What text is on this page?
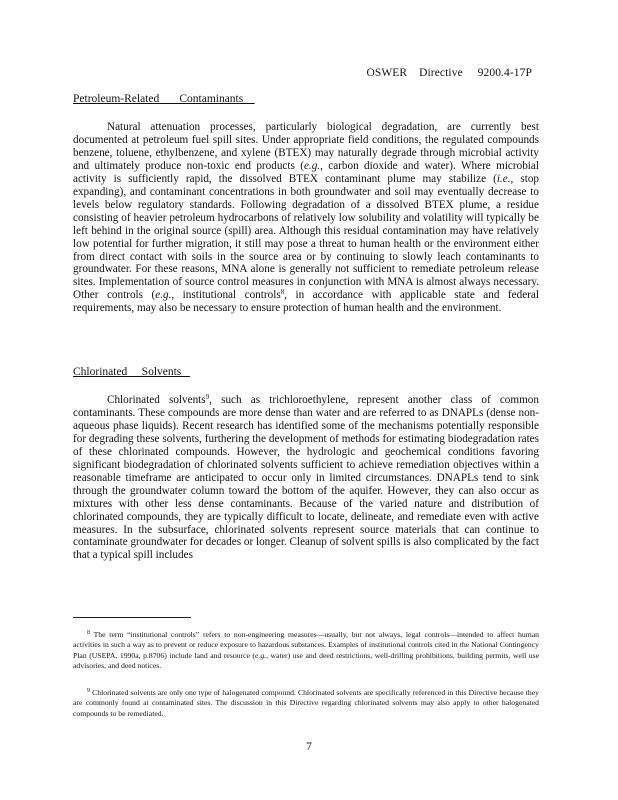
OSWER    Directive     9200.4-17P
Petroleum-Related       Contaminants

Natural attenuation processes, particularly biological degradation, are currently best documented at petroleum fuel spill sites. Under appropriate field conditions, the regulated compounds benzene, toluene, ethylbenzene, and xylene (BTEX) may naturally degrade through microbial activity and ultimately produce non-toxic end products (e.g., carbon dioxide and water). Where microbial activity is sufficiently rapid, the dissolved BTEX contaminant plume may stabilize (i.e., stop expanding), and contaminant concentrations in both groundwater and soil may eventually decrease to levels below regulatory standards. Following degradation of a dissolved BTEX plume, a residue consisting of heavier petroleum hydrocarbons of relatively low solubility and volatility will typically be left behind in the original source (spill) area. Although this residual contamination may have relatively low potential for further migration, it still may pose a threat to human health or the environment either from direct contact with soils in the source area or by continuing to slowly leach contaminants to groundwater. For these reasons, MNA alone is generally not sufficient to remediate petroleum release sites. Implementation of source control measures in conjunction with MNA is almost always necessary. Other controls (e.g., institutional controls$^8$, in accordance with applicable state and federal requirements, may also be necessary to ensure protection of human health and the environment.

Chlorinated     Solvents

Chlorinated solvents$^9$, such as trichloroethylene, represent another class of common contaminants. These compounds are more dense than water and are referred to as DNAPLs (dense non-aqueous phase liquids). Recent research has identified some of the mechanisms potentially responsible for degrading these solvents, furthering the development of methods for estimating biodegradation rates of these chlorinated compounds. However, the hydrologic and geochemical conditions favoring significant biodegradation of chlorinated solvents sufficient to achieve remediation objectives within a reasonable timeframe are anticipated to occur only in limited circumstances. DNAPLs tend to sink through the groundwater column toward the bottom of the aquifer. However, they can also occur as mixtures with other less dense contaminants. Because of the varied nature and distribution of chlorinated compounds, they are typically difficult to locate, delineate, and remediate even with active measures. In the subsurface, chlorinated solvents represent source materials that can continue to contaminate groundwater for decades or longer. Cleanup of solvent spills is also complicated by the fact that a typical spill includes

$^8$ The term “institutional controls” refers to non-engineering measures—usually, but not always, legal controls—intended to affect human activities in such a way as to prevent or reduce exposure to hazardous substances. Examples of institutional controls cited in the National Contingency Plan (USEPA, 1990a, p.8706) include land and resource (e.g., water) use and deed restrictions, well-drilling prohibitions, building permits, well use advisories, and deed notices.

$^9$ Chlorinated solvents are only one type of halogenated compound. Chlorinated solvents are specifically referenced in this Directive because they are commonly found at contaminated sites. The discussion in this Directive regarding chlorinated solvents may also apply to other halogenated compounds to be remediated.

7
